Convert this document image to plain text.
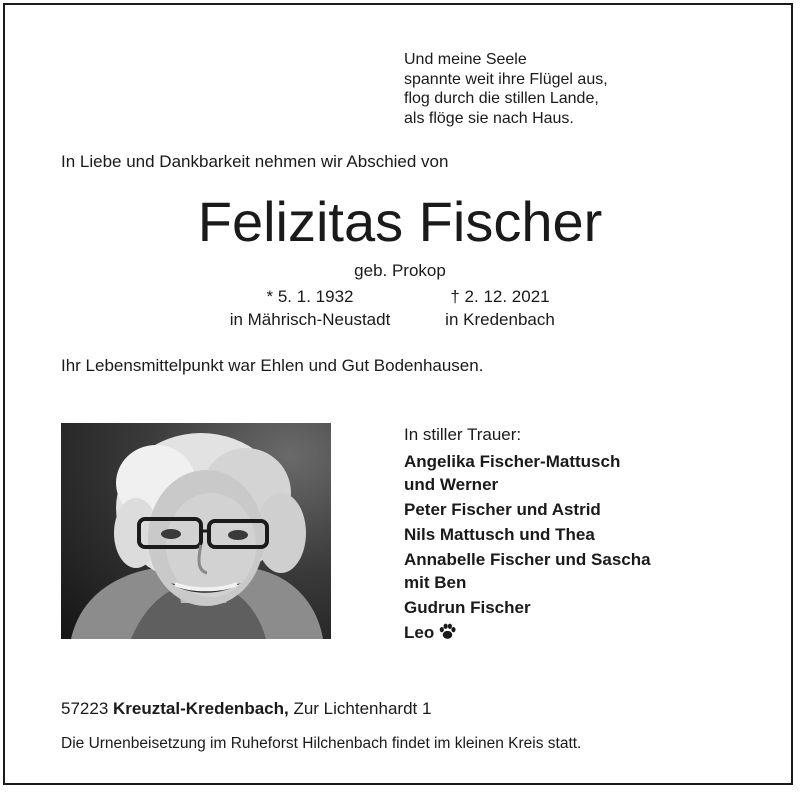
Und meine Seele
spannte weit ihre Flügel aus,
flog durch die stillen Lande,
als flöge sie nach Haus.
In Liebe und Dankbarkeit nehmen wir Abschied von
Felizitas Fischer
geb. Prokop
* 5. 1. 1932
in Mährisch-Neustadt
† 2. 12. 2021
in Kredenbach
Ihr Lebensmittelpunkt war Ehlen und Gut Bodenhausen.
In stiller Trauer:
Angelika Fischer-Mattusch
und Werner
Peter Fischer und Astrid
Nils Mattusch und Thea
Annabelle Fischer und Sascha
mit Ben
Gudrun Fischer
Leo
57223 Kreuztal-Kredenbach, Zur Lichtenhardt 1
Die Urnenbeisetzung im Ruheforst Hilchenbach findet im kleinen Kreis statt.
